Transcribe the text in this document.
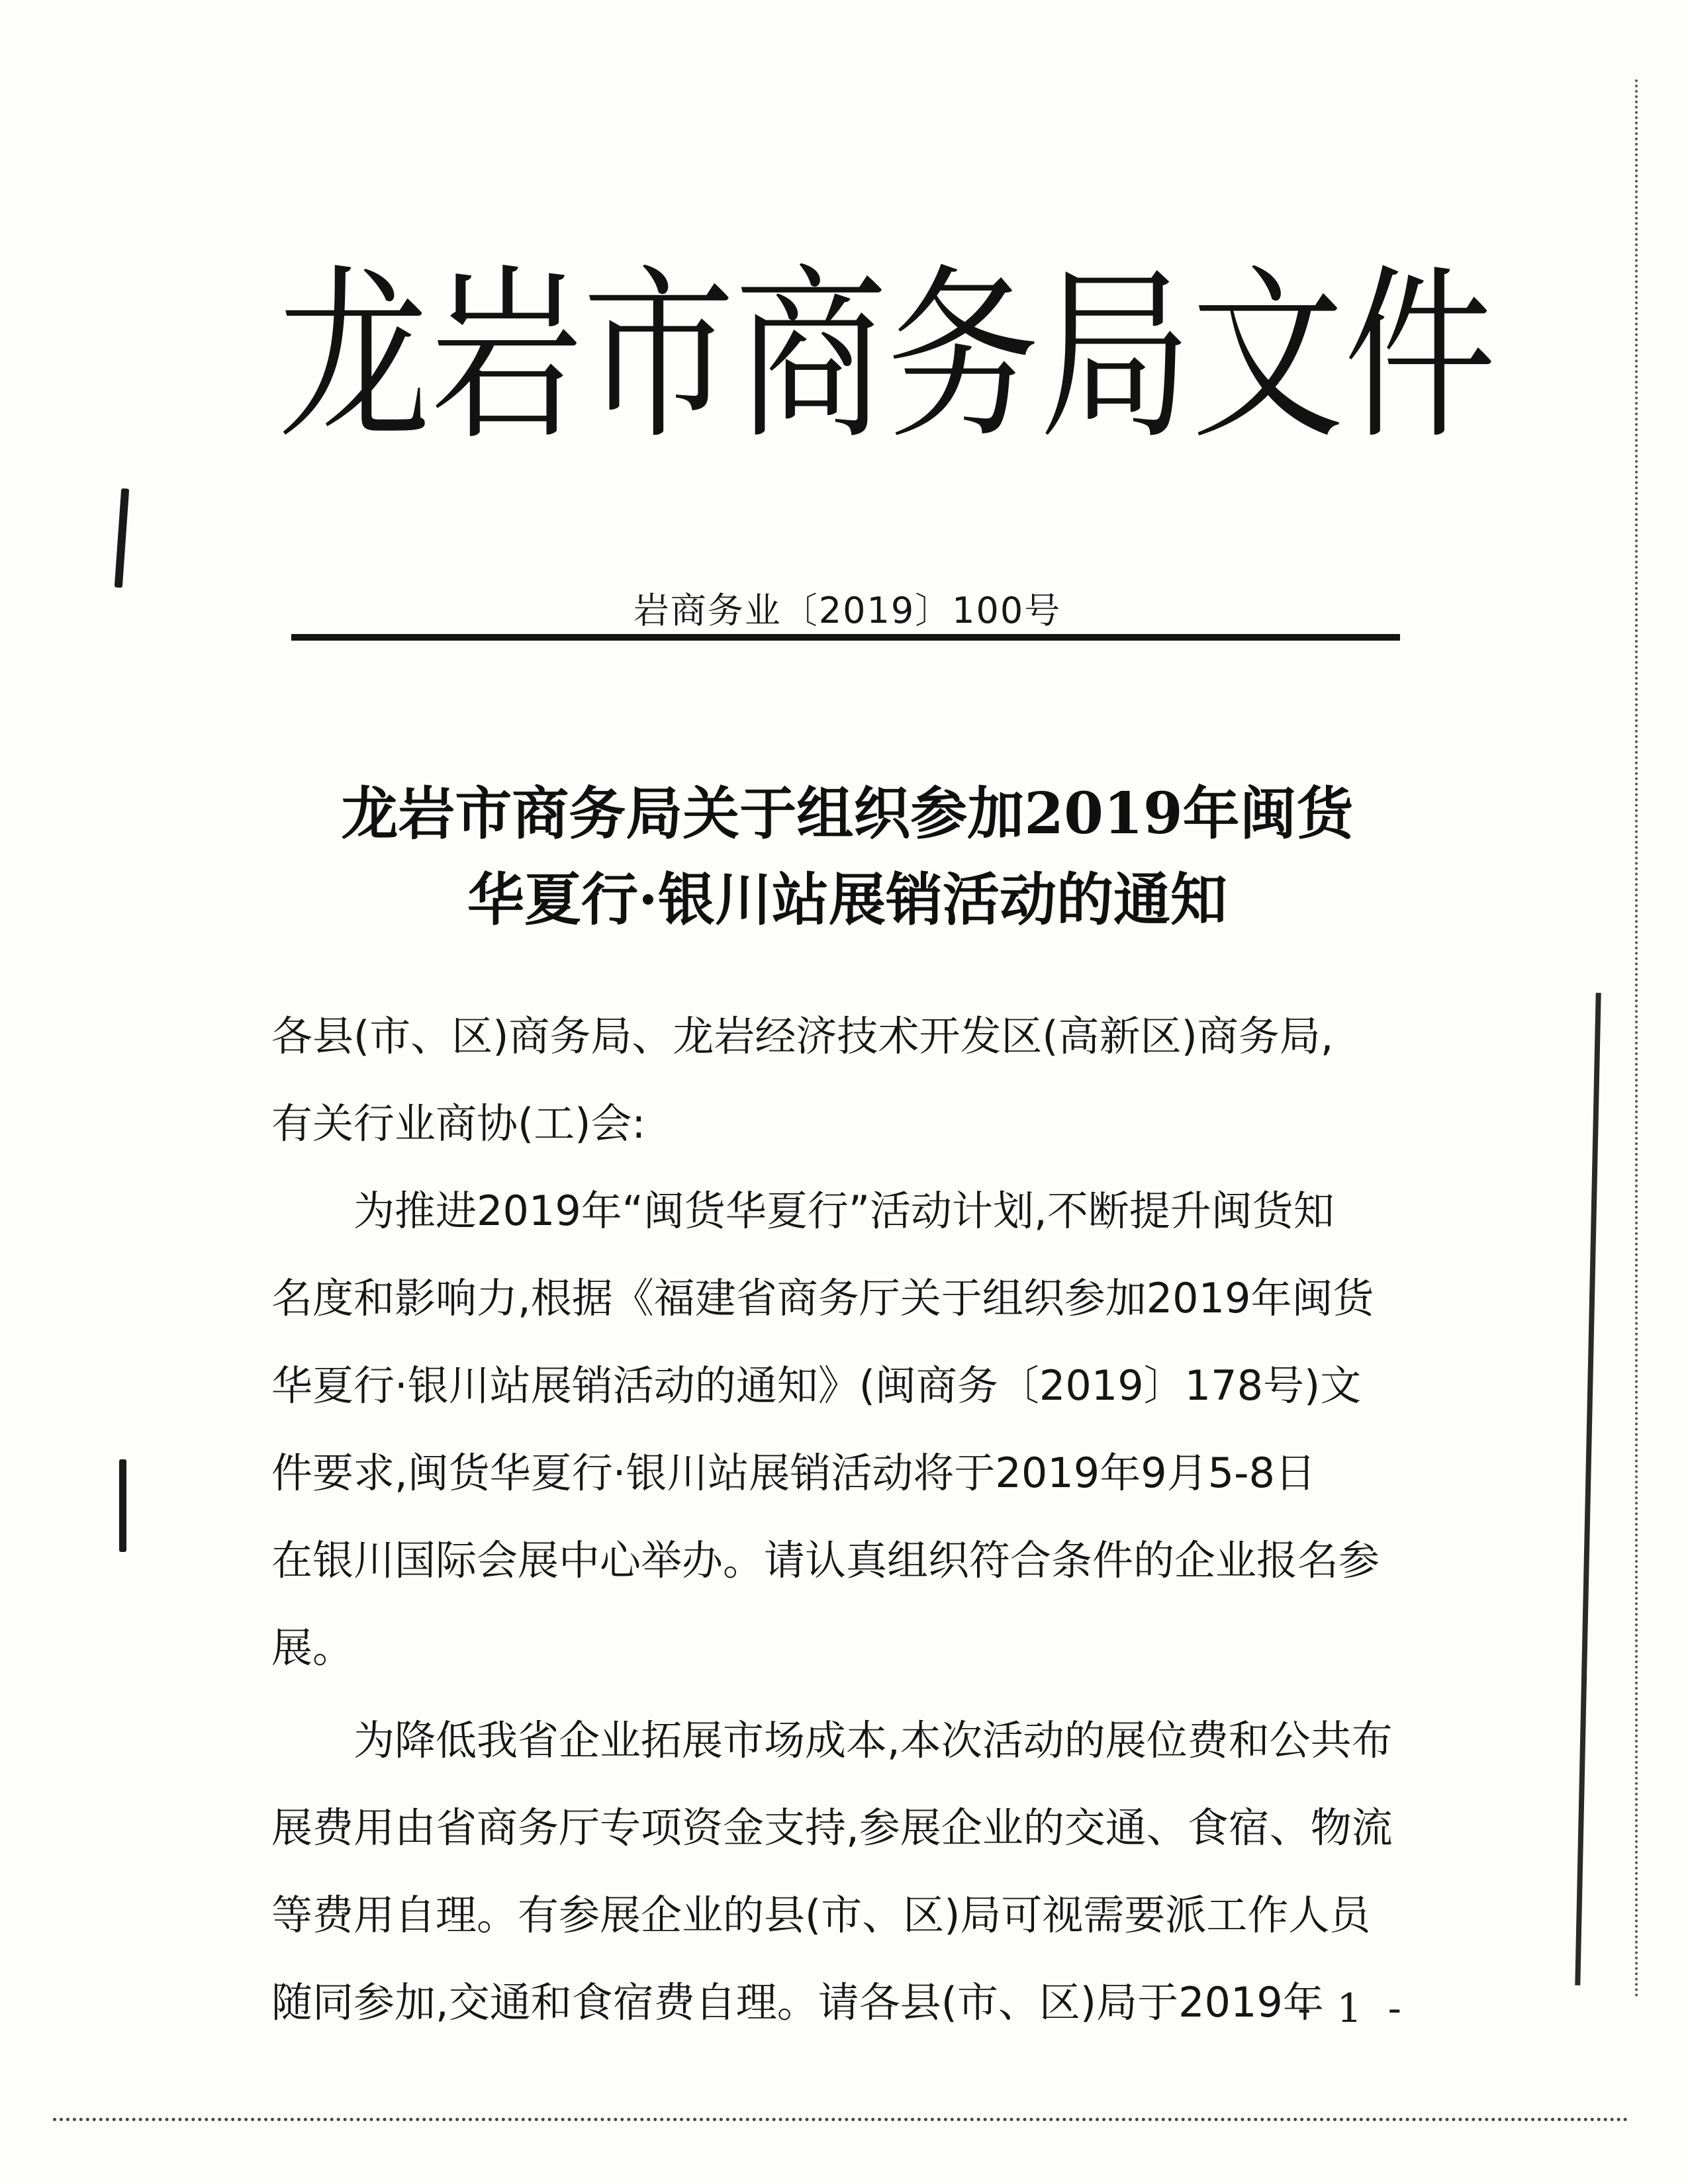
龙 岩 市 商 务 局 文 件
岩商务业〔2019〕100号
龙岩市商务局关于组织参加2019年闽货
华夏行·银川站展销活动的通知
各县(市、区)商务局、龙岩经济技术开发区(高新区)商务局,
有关行业商协(工)会:
为推进2019年“闽货华夏行”活动计划,不断提升闽货知
名度和影响力,根据《福建省商务厅关于组织参加2019年闽货
华夏行·银川站展销活动的通知》(闽商务〔2019〕178号)文
件要求,闽货华夏行·银川站展销活动将于2019年9月5-8日
在银川国际会展中心举办。请认真组织符合条件的企业报名参
展。
为降低我省企业拓展市场成本,本次活动的展位费和公共布
展费用由省商务厅专项资金支持,参展企业的交通、食宿、物流
等费用自理。有参展企业的县(市、区)局可视需要派工作人员
随同参加,交通和食宿费自理。请各县(市、区)局于2019年
- 1 -
